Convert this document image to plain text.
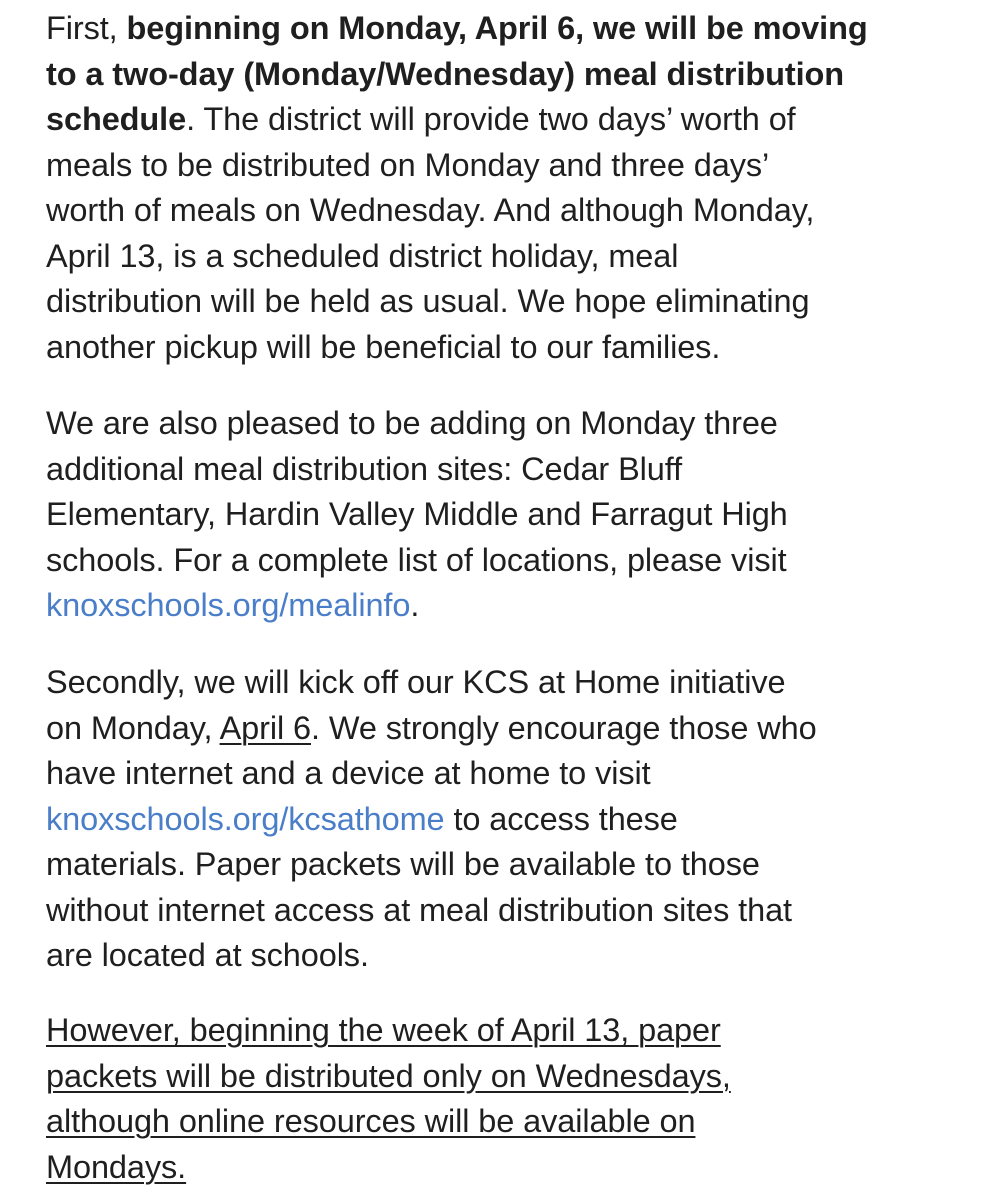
First, beginning on Monday, April 6, we will be moving
to a two-day (Monday/Wednesday) meal distribution
schedule. The district will provide two days’ worth of
meals to be distributed on Monday and three days’
worth of meals on Wednesday. And although Monday,
April 13, is a scheduled district holiday, meal
distribution will be held as usual. We hope eliminating
another pickup will be beneficial to our families.
We are also pleased to be adding on Monday three
additional meal distribution sites: Cedar Bluff
Elementary, Hardin Valley Middle and Farragut High
schools. For a complete list of locations, please visit
knoxschools.org/mealinfo.
Secondly, we will kick off our KCS at Home initiative
on Monday, April 6. We strongly encourage those who
have internet and a device at home to visit
knoxschools.org/kcsathome to access these
materials. Paper packets will be available to those
without internet access at meal distribution sites that
are located at schools.
However, beginning the week of April 13, paper
packets will be distributed only on Wednesdays,
although online resources will be available on
Mondays.
